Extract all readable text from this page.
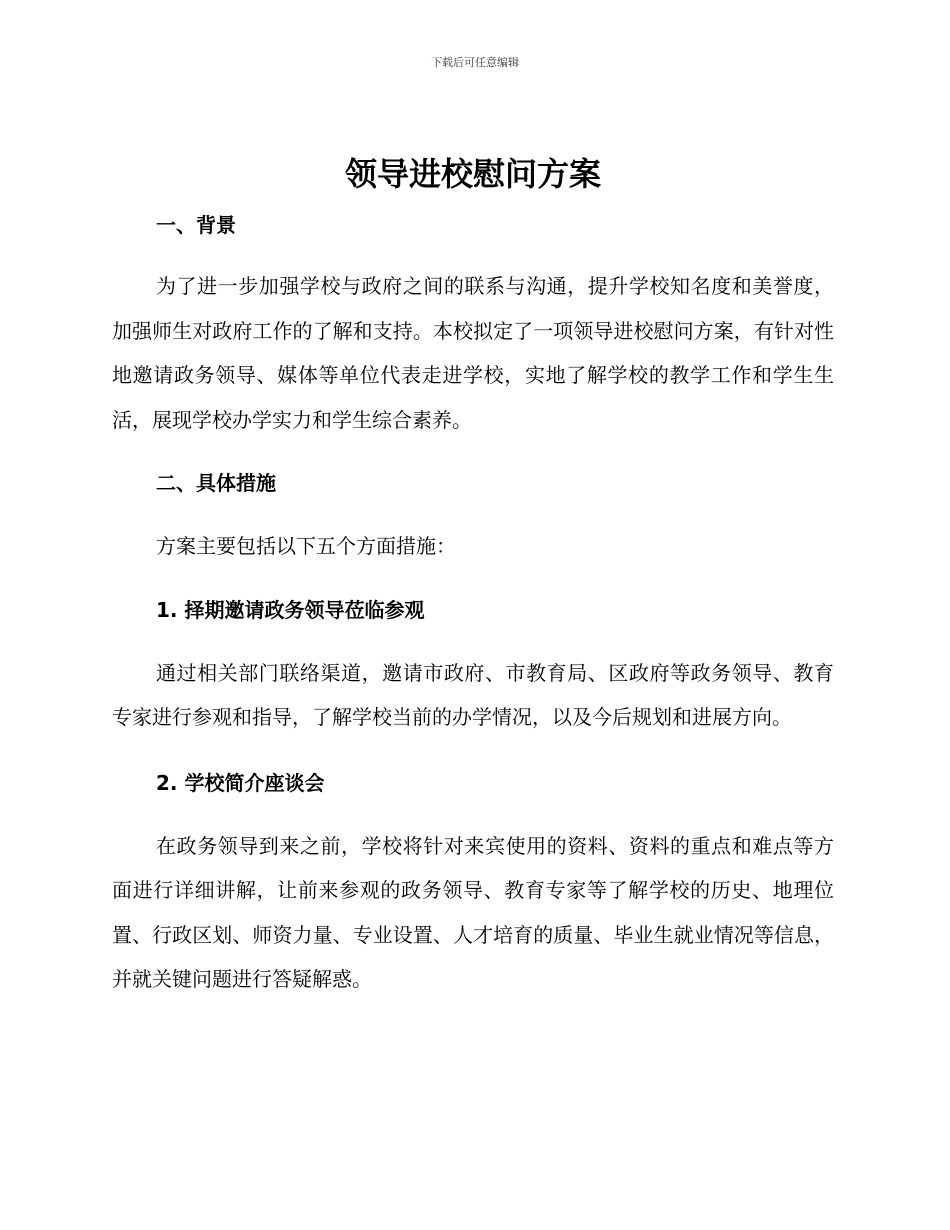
下载后可任意编辑
领导进校慰问方案
一、背景

为了进一步加强学校与政府之间的联系与沟通，提升学校知名度和美誉度，加强师生对政府工作的了解和支持。本校拟定了一项领导进校慰问方案，有针对性地邀请政务领导、媒体等单位代表走进学校，实地了解学校的教学工作和学生生活，展现学校办学实力和学生综合素养。

二、具体措施

方案主要包括以下五个方面措施：

1. 择期邀请政务领导莅临参观

通过相关部门联络渠道，邀请市政府、市教育局、区政府等政务领导、教育专家进行参观和指导，了解学校当前的办学情况，以及今后规划和进展方向。

2. 学校简介座谈会

在政务领导到来之前，学校将针对来宾使用的资料、资料的重点和难点等方面进行详细讲解，让前来参观的政务领导、教育专家等了解学校的历史、地理位置、行政区划、师资力量、专业设置、人才培育的质量、毕业生就业情况等信息，并就关键问题进行答疑解惑。
